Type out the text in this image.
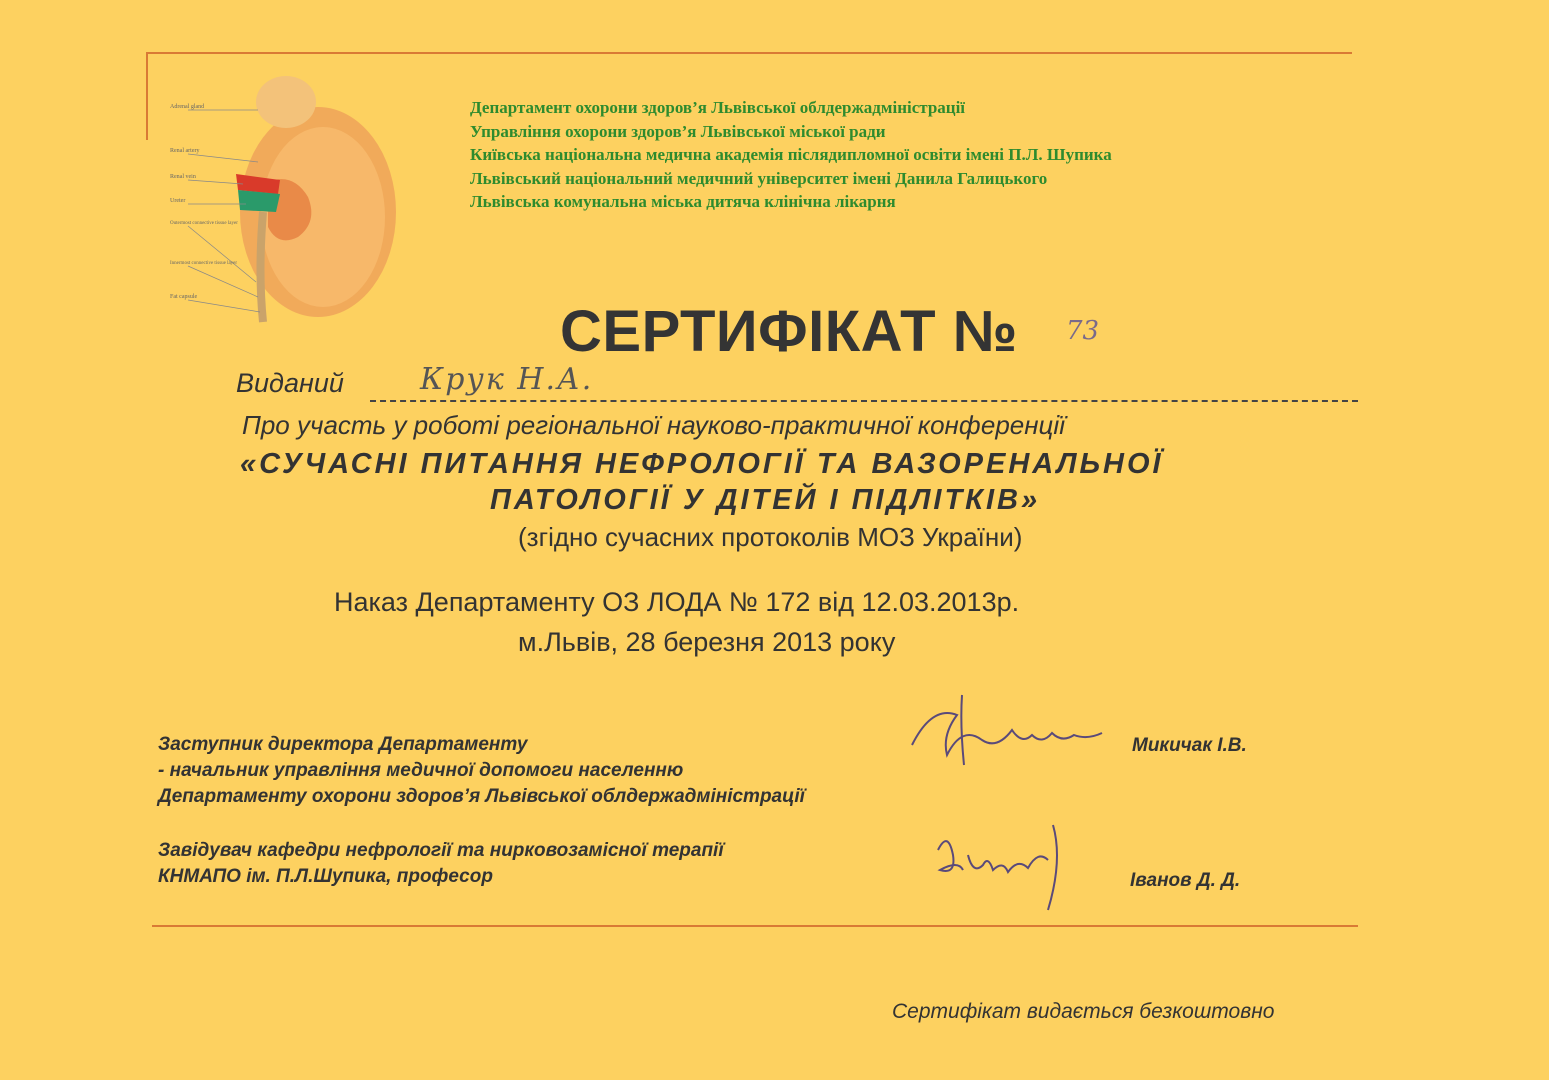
Adrenal gland
Renal artery
Renal vein
Ureter
Outermost connective tissue layer
Innermost connective tissue layer
Fat capsule
Департамент охорони здоров’я Львівської облдержадміністрації
Управління охорони здоров’я Львівської міської ради
Київська національна медична академія післядипломної освіти імені П.Л. Шупика
Львівський національний медичний університет імені Данила Галицького
Львівська комунальна міська дитяча клінічна лікарня
СЕРТИФІКАТ № 73
Виданий	Крук Н.А.
Про участь у роботі регіональної науково-практичної конференції
«СУЧАСНІ ПИТАННЯ НЕФРОЛОГІЇ ТА ВАЗОРЕНАЛЬНОЇ
ПАТОЛОГІЇ У ДІТЕЙ І ПІДЛІТКІВ»
(згідно сучасних протоколів МОЗ України)
Наказ Департаменту ОЗ ЛОДА № 172 від 12.03.2013р.
м.Львів, 28 березня 2013 року
Заступник директора Департаменту
- начальник управління медичної допомоги населенню
Департаменту охорони здоров’я Львівської облдержадміністрації
Микичак І.В.
Завідувач кафедри нефрології та нирковозамісної терапії
КНМАПО ім. П.Л.Шупика, професор	Іванов Д. Д.
Сертифікат видається безкоштовно
